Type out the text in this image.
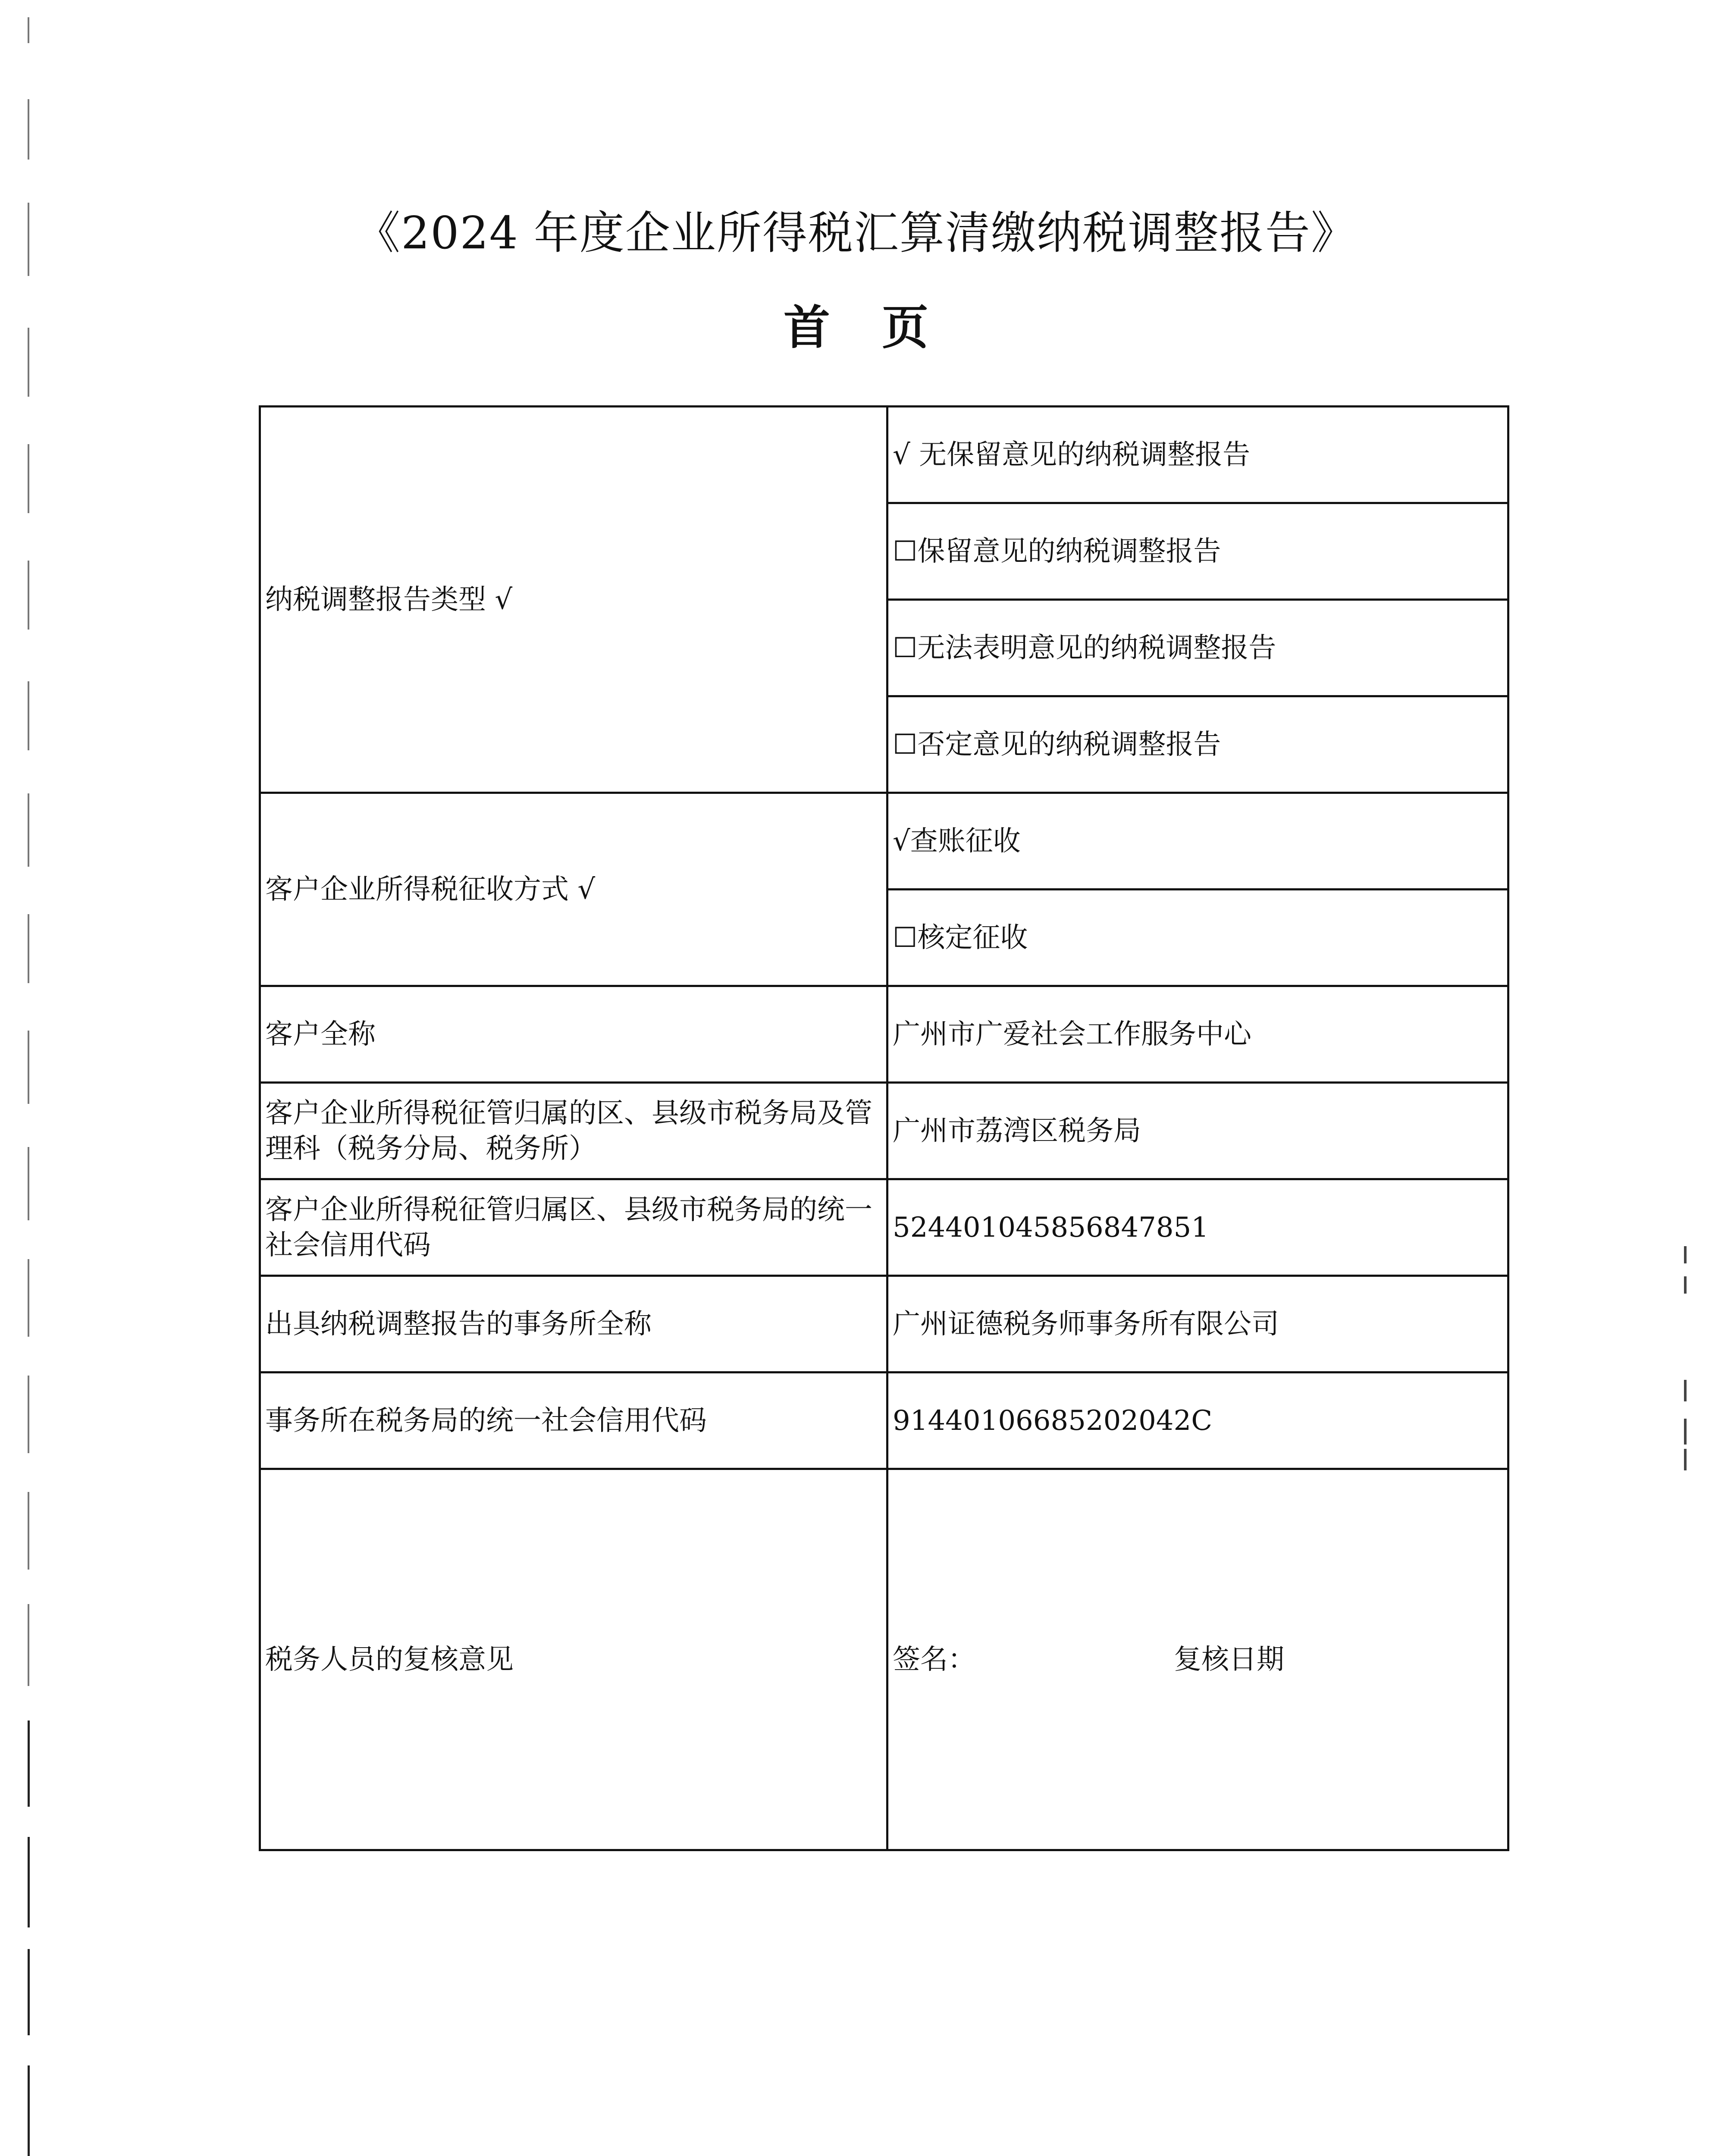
《2024 年度企业所得税汇算清缴纳税调整报告》
首 页
纳税调整报告类型 √	√ 无保留意见的纳税调整报告
	☐保留意见的纳税调整报告
	☐无法表明意见的纳税调整报告
	☐否定意见的纳税调整报告
客户企业所得税征收方式 √	√查账征收
	☐核定征收
客户全称	广州市广爱社会工作服务中心
客户企业所得税征管归属的区、县级市税务局及管理科（税务分局、税务所）	广州市荔湾区税务局
客户企业所得税征管归属区、县级市税务局的统一社会信用代码	524401045856847851
出具纳税调整报告的事务所全称	广州证德税务师事务所有限公司
事务所在税务局的统一社会信用代码	91440106685202042C
税务人员的复核意见	签名： 复核日期
